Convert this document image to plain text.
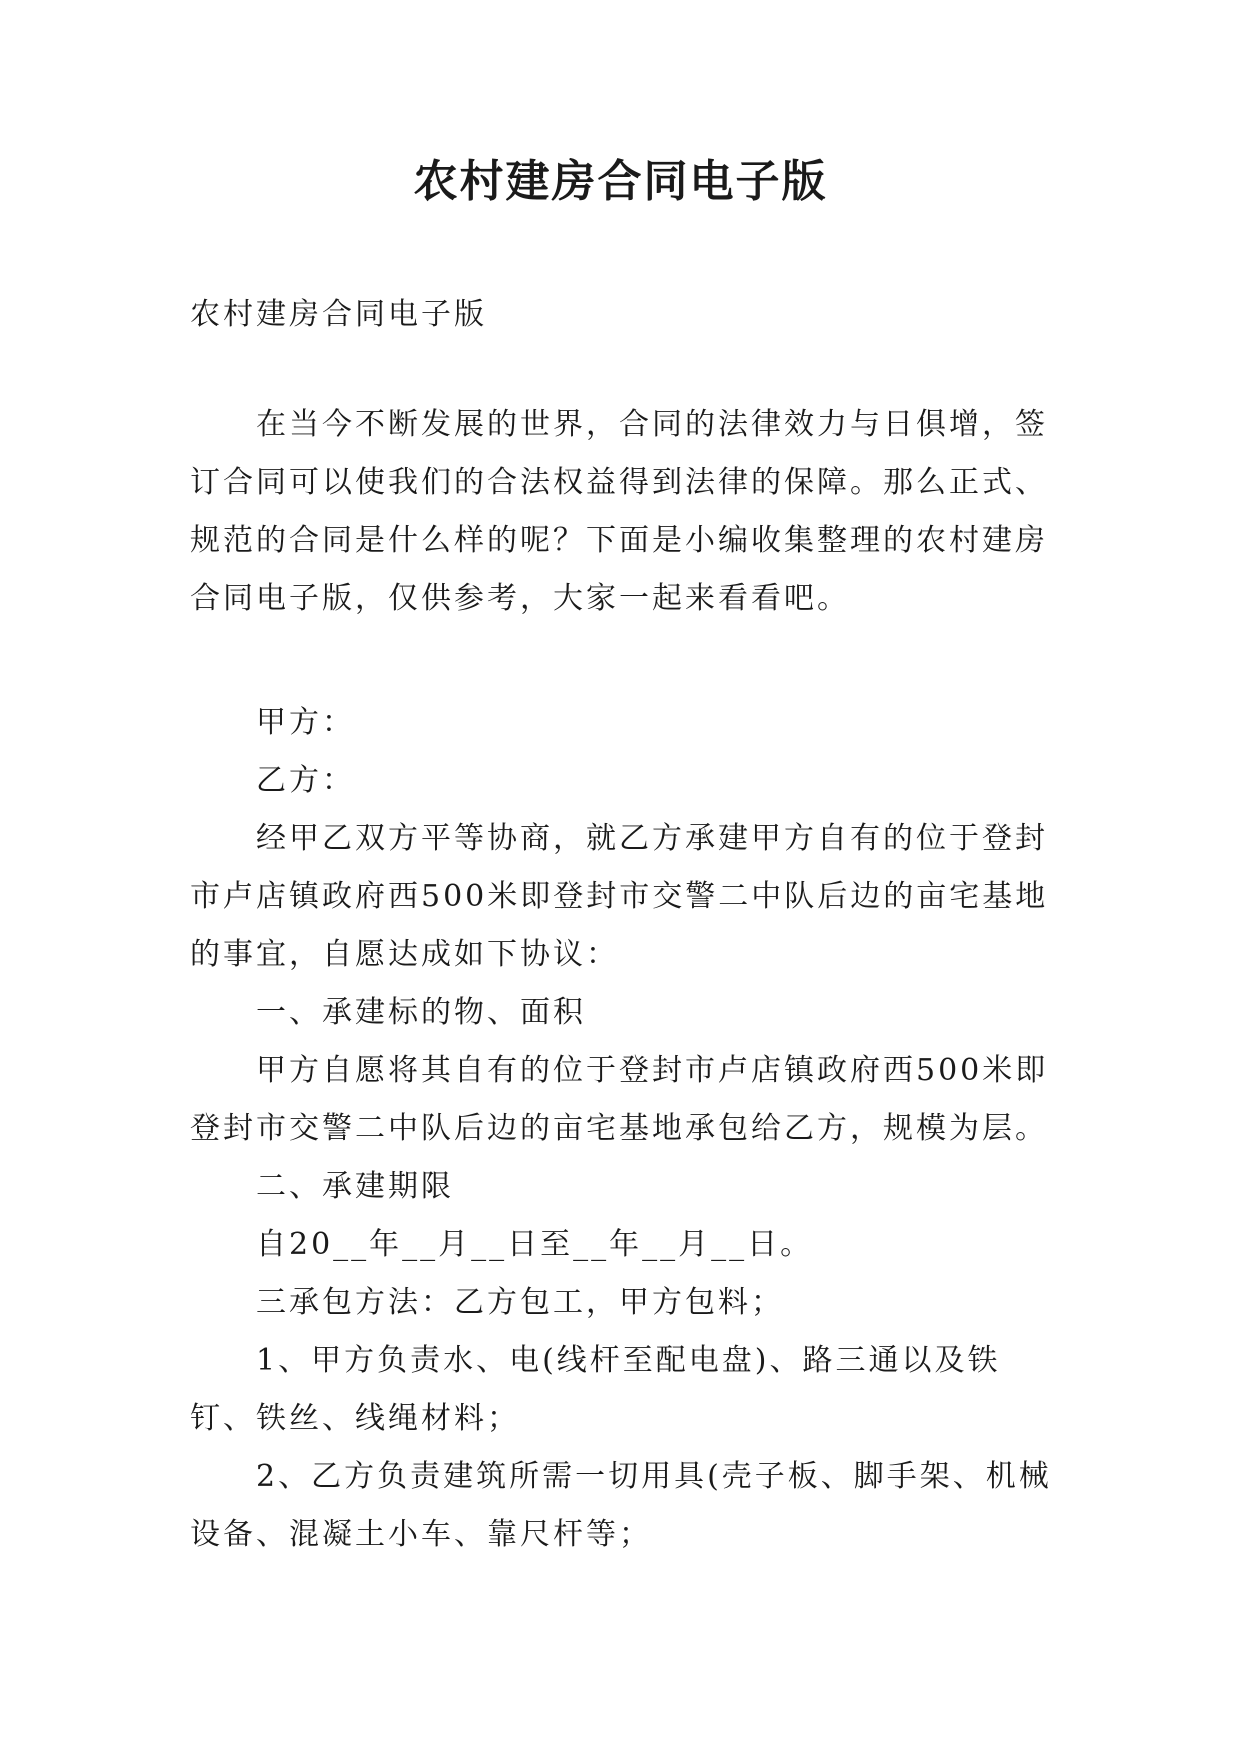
农村建房合同电子版

农村建房合同电子版

在当今不断发展的世界，合同的法律效力与日俱增，签订合同可以使我们的合法权益得到法律的保障。那么正式、规范的合同是什么样的呢？下面是小编收集整理的农村建房合同电子版，仅供参考，大家一起来看看吧。

甲方：

乙方：

经甲乙双方平等协商，就乙方承建甲方自有的位于登封市卢店镇政府西500米即登封市交警二中队后边的亩宅基地的事宜，自愿达成如下协议：

一、承建标的物、面积

甲方自愿将其自有的位于登封市卢店镇政府西500米即登封市交警二中队后边的亩宅基地承包给乙方，规模为层。

二、承建期限

自20__年__月__日至__年__月__日。

三承包方法：乙方包工，甲方包料；

1、甲方负责水、电(线杆至配电盘)、路三通以及铁钉、铁丝、线绳材料；

2、乙方负责建筑所需一切用具(壳子板、脚手架、机械设备、混凝土小车、靠尺杆等；
